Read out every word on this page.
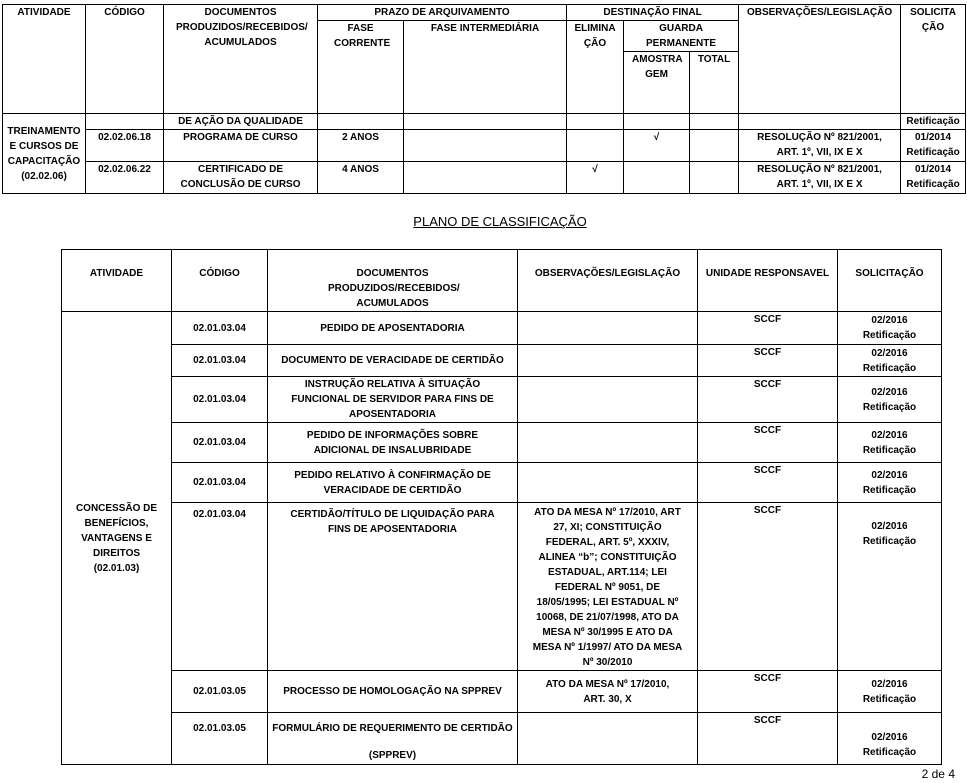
ATIVIDADE	CÓDIGO	DOCUMENTOS PRODUZIDOS/RECEBIDOS/ ACUMULADOS	PRAZO DE ARQUIVAMENTO		DESTINAÇÃO FINAL			OBSERVAÇÕES/LEGISLAÇÃO	SOLICITA ÇÃO
			FASE CORRENTE	FASE INTERMEDIÁRIA	ELIMINA ÇÃO	GUARDA PERMANENTE			
						AMOSTRA GEM	TOTAL		

TREINAMENTO E CURSOS DE CAPACITAÇÃO (02.02.06)		DE AÇÃO DA QUALIDADE							Retificação
	02.02.06.18	PROGRAMA DE CURSO	2 ANOS			√		RESOLUÇÃO Nº 821/2001, ART. 1º, VII, IX E X	01/2014 Retificação
	02.02.06.22	CERTIFICADO DE CONCLUSÃO DE CURSO	4 ANOS		√			RESOLUÇÃO Nº 821/2001, ART. 1º, VII, IX E X	01/2014 Retificação
PLANO DE CLASSIFICAÇÃO
ATIVIDADE	CÓDIGO	DOCUMENTOS PRODUZIDOS/RECEBIDOS/ ACUMULADOS	OBSERVAÇÕES/LEGISLAÇÃO	UNIDADE RESPONSAVEL	SOLICITAÇÃO
CONCESSÃO DE BENEFÍCIOS, VANTAGENS E DIREITOS (02.01.03)	02.01.03.04	PEDIDO DE APOSENTADORIA		SCCF	02/2016 Retificação
	02.01.03.04	DOCUMENTO DE VERACIDADE DE CERTIDÃO		SCCF	02/2016 Retificação
	02.01.03.04	INSTRUÇÃO RELATIVA À SITUAÇÃO FUNCIONAL DE SERVIDOR PARA FINS DE APOSENTADORIA		SCCF	02/2016 Retificação
	02.01.03.04	PEDIDO DE INFORMAÇÕES SOBRE ADICIONAL DE INSALUBRIDADE		SCCF	02/2016 Retificação
	02.01.03.04	PEDIDO RELATIVO À CONFIRMAÇÃO DE VERACIDADE DE CERTIDÃO		SCCF	02/2016 Retificação
	02.01.03.04	CERTIDÃO/TÍTULO DE LIQUIDAÇÃO PARA FINS DE APOSENTADORIA	ATO DA MESA Nº 17/2010, ART 27, XI; CONSTITUIÇÃO FEDERAL, ART. 5º, XXXIV, ALINEA “b”; CONSTITUIÇÃO ESTADUAL, ART.114; LEI FEDERAL Nº 9051, DE 18/05/1995; LEI ESTADUAL Nº 10068, DE 21/07/1998, ATO DA MESA Nº 30/1995 E ATO DA MESA Nº 1/1997/ ATO DA MESA Nº 30/2010	SCCF	02/2016 Retificação
	02.01.03.05	PROCESSO DE HOMOLOGAÇÃO NA SPPREV	ATO DA MESA Nº 17/2010, ART. 30, X	SCCF	02/2016 Retificação
	02.01.03.05	FORMULÁRIO DE REQUERIMENTO DE CERTIDÃO
(SPPREV)		SCCF	02/2016 Retificação
2 de 4
